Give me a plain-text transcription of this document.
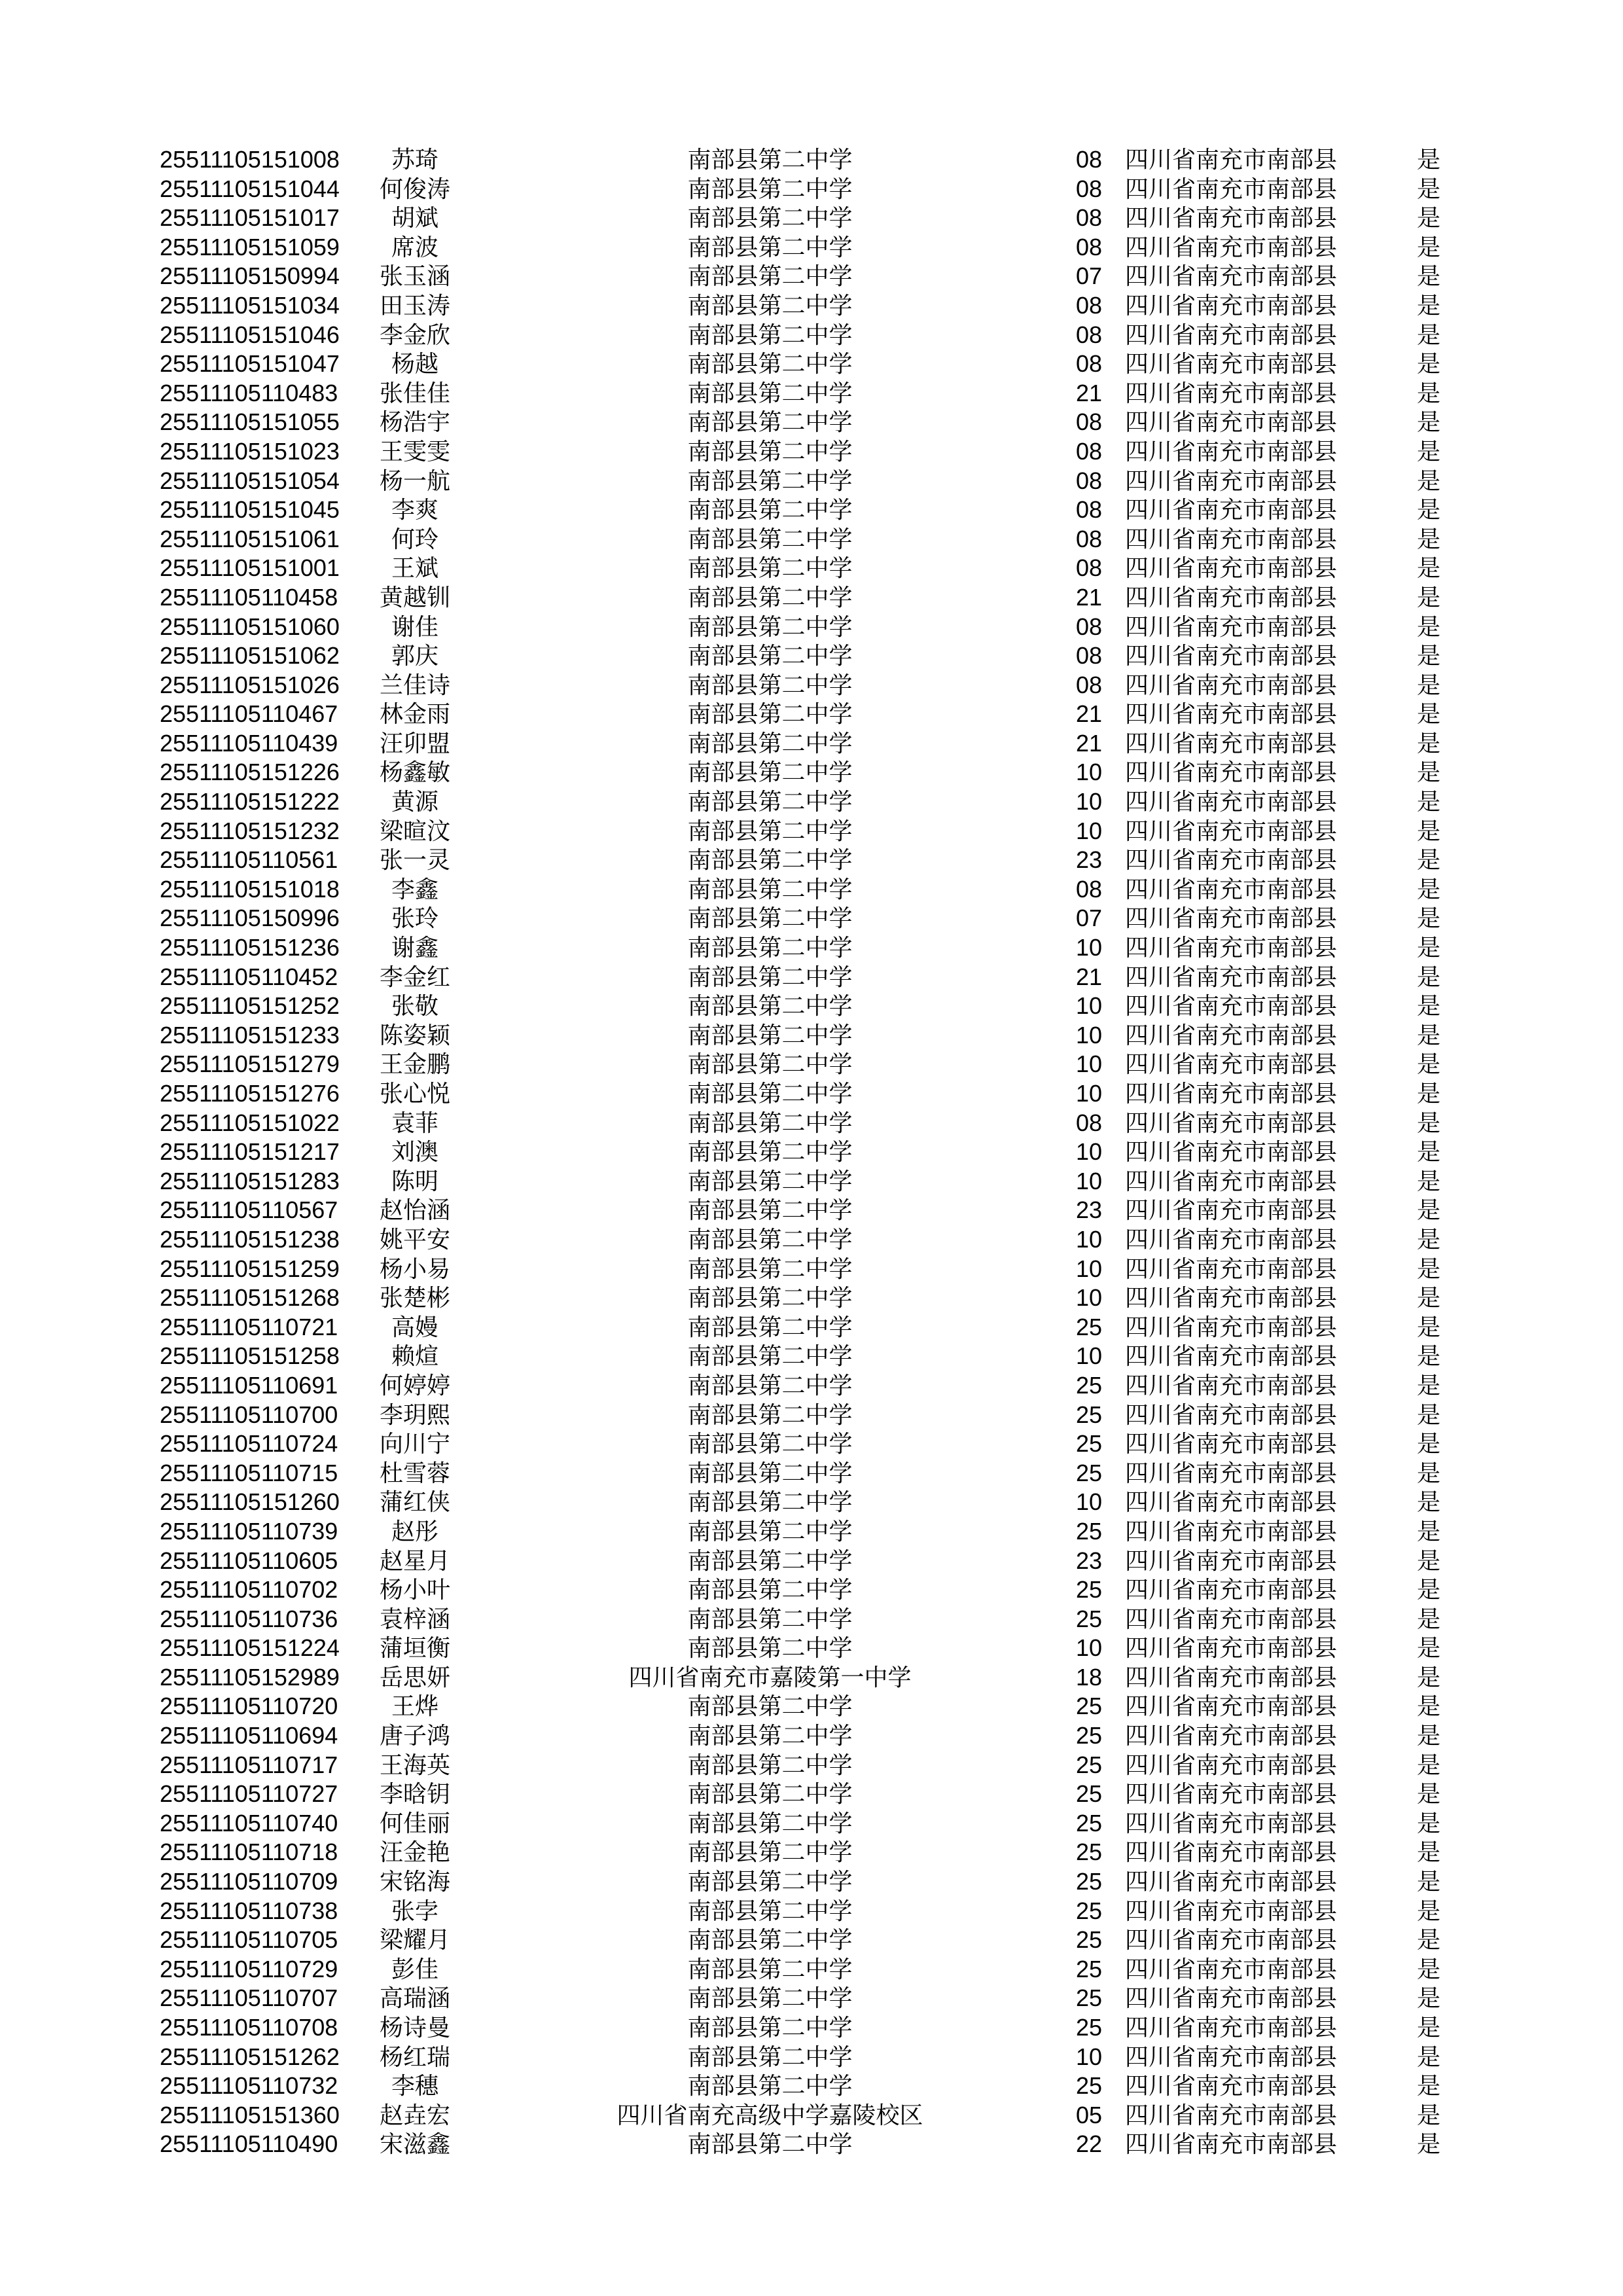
25511105151008	苏琦	南部县第二中学	08	四川省南充市南部县	是
25511105151044	何俊涛	南部县第二中学	08	四川省南充市南部县	是
25511105151017	胡斌	南部县第二中学	08	四川省南充市南部县	是
25511105151059	席波	南部县第二中学	08	四川省南充市南部县	是
25511105150994	张玉涵	南部县第二中学	07	四川省南充市南部县	是
25511105151034	田玉涛	南部县第二中学	08	四川省南充市南部县	是
25511105151046	李金欣	南部县第二中学	08	四川省南充市南部县	是
25511105151047	杨越	南部县第二中学	08	四川省南充市南部县	是
25511105110483	张佳佳	南部县第二中学	21	四川省南充市南部县	是
25511105151055	杨浩宇	南部县第二中学	08	四川省南充市南部县	是
25511105151023	王雯雯	南部县第二中学	08	四川省南充市南部县	是
25511105151054	杨一航	南部县第二中学	08	四川省南充市南部县	是
25511105151045	李爽	南部县第二中学	08	四川省南充市南部县	是
25511105151061	何玲	南部县第二中学	08	四川省南充市南部县	是
25511105151001	王斌	南部县第二中学	08	四川省南充市南部县	是
25511105110458	黄越钏	南部县第二中学	21	四川省南充市南部县	是
25511105151060	谢佳	南部县第二中学	08	四川省南充市南部县	是
25511105151062	郭庆	南部县第二中学	08	四川省南充市南部县	是
25511105151026	兰佳诗	南部县第二中学	08	四川省南充市南部县	是
25511105110467	林金雨	南部县第二中学	21	四川省南充市南部县	是
25511105110439	汪卯盟	南部县第二中学	21	四川省南充市南部县	是
25511105151226	杨鑫敏	南部县第二中学	10	四川省南充市南部县	是
25511105151222	黄源	南部县第二中学	10	四川省南充市南部县	是
25511105151232	梁暄汶	南部县第二中学	10	四川省南充市南部县	是
25511105110561	张一灵	南部县第二中学	23	四川省南充市南部县	是
25511105151018	李鑫	南部县第二中学	08	四川省南充市南部县	是
25511105150996	张玲	南部县第二中学	07	四川省南充市南部县	是
25511105151236	谢鑫	南部县第二中学	10	四川省南充市南部县	是
25511105110452	李金红	南部县第二中学	21	四川省南充市南部县	是
25511105151252	张敬	南部县第二中学	10	四川省南充市南部县	是
25511105151233	陈姿颖	南部县第二中学	10	四川省南充市南部县	是
25511105151279	王金鹏	南部县第二中学	10	四川省南充市南部县	是
25511105151276	张心悦	南部县第二中学	10	四川省南充市南部县	是
25511105151022	袁菲	南部县第二中学	08	四川省南充市南部县	是
25511105151217	刘澳	南部县第二中学	10	四川省南充市南部县	是
25511105151283	陈明	南部县第二中学	10	四川省南充市南部县	是
25511105110567	赵怡涵	南部县第二中学	23	四川省南充市南部县	是
25511105151238	姚平安	南部县第二中学	10	四川省南充市南部县	是
25511105151259	杨小易	南部县第二中学	10	四川省南充市南部县	是
25511105151268	张楚彬	南部县第二中学	10	四川省南充市南部县	是
25511105110721	高嫚	南部县第二中学	25	四川省南充市南部县	是
25511105151258	赖煊	南部县第二中学	10	四川省南充市南部县	是
25511105110691	何婷婷	南部县第二中学	25	四川省南充市南部县	是
25511105110700	李玥熙	南部县第二中学	25	四川省南充市南部县	是
25511105110724	向川宁	南部县第二中学	25	四川省南充市南部县	是
25511105110715	杜雪蓉	南部县第二中学	25	四川省南充市南部县	是
25511105151260	蒲红侠	南部县第二中学	10	四川省南充市南部县	是
25511105110739	赵彤	南部县第二中学	25	四川省南充市南部县	是
25511105110605	赵星月	南部县第二中学	23	四川省南充市南部县	是
25511105110702	杨小叶	南部县第二中学	25	四川省南充市南部县	是
25511105110736	袁梓涵	南部县第二中学	25	四川省南充市南部县	是
25511105151224	蒲垣衡	南部县第二中学	10	四川省南充市南部县	是
25511105152989	岳思妍	四川省南充市嘉陵第一中学	18	四川省南充市南部县	是
25511105110720	王烨	南部县第二中学	25	四川省南充市南部县	是
25511105110694	唐子鸿	南部县第二中学	25	四川省南充市南部县	是
25511105110717	王海英	南部县第二中学	25	四川省南充市南部县	是
25511105110727	李晗钥	南部县第二中学	25	四川省南充市南部县	是
25511105110740	何佳丽	南部县第二中学	25	四川省南充市南部县	是
25511105110718	汪金艳	南部县第二中学	25	四川省南充市南部县	是
25511105110709	宋铭海	南部县第二中学	25	四川省南充市南部县	是
25511105110738	张孛	南部县第二中学	25	四川省南充市南部县	是
25511105110705	梁耀月	南部县第二中学	25	四川省南充市南部县	是
25511105110729	彭佳	南部县第二中学	25	四川省南充市南部县	是
25511105110707	高瑞涵	南部县第二中学	25	四川省南充市南部县	是
25511105110708	杨诗曼	南部县第二中学	25	四川省南充市南部县	是
25511105151262	杨红瑞	南部县第二中学	10	四川省南充市南部县	是
25511105110732	李穗	南部县第二中学	25	四川省南充市南部县	是
25511105151360	赵垚宏	四川省南充高级中学嘉陵校区	05	四川省南充市南部县	是
25511105110490	宋滋鑫	南部县第二中学	22	四川省南充市南部县	是
